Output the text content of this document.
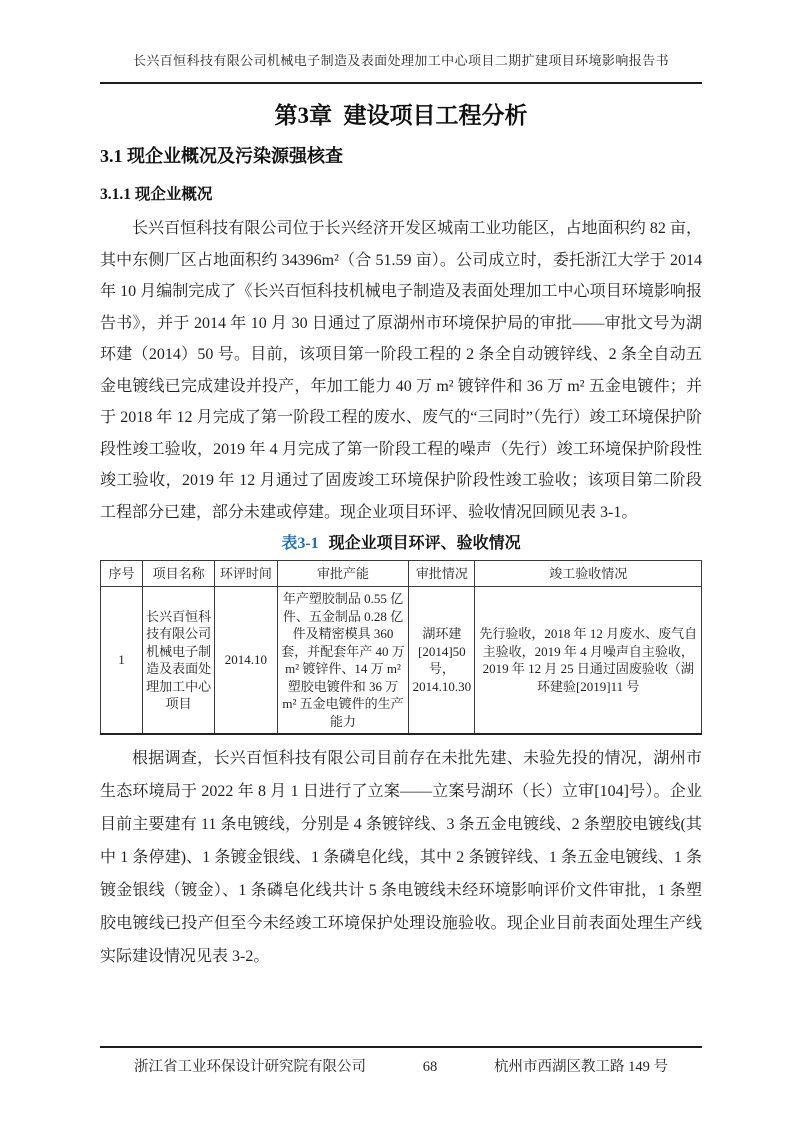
长兴百恒科技有限公司机械电子制造及表面处理加工中心项目二期扩建项目环境影响报告书
第3章  建设项目工程分析
3.1 现企业概况及污染源强核查
3.1.1 现企业概况

长兴百恒科技有限公司位于长兴经济开发区城南工业功能区，占地面积约 82 亩，其中东侧厂区占地面积约 34396m²（合 51.59 亩）。公司成立时，委托浙江大学于 2014 年 10 月编制完成了《长兴百恒科技机械电子制造及表面处理加工中心项目环境影响报告书》，并于 2014 年 10 月 30 日通过了原湖州市环境保护局的审批——审批文号为湖环建（2014）50 号。目前，该项目第一阶段工程的 2 条全自动镀锌线、2 条全自动五金电镀线已完成建设并投产，年加工能力 40 万 m² 镀锌件和 36 万 m² 五金电镀件；并于 2018 年 12 月完成了第一阶段工程的废水、废气的“三同时”（先行）竣工环境保护阶段性竣工验收，2019 年 4 月完成了第一阶段工程的噪声（先行）竣工环境保护阶段性竣工验收，2019 年 12 月通过了固废竣工环境保护阶段性竣工验收；该项目第二阶段工程部分已建，部分未建或停建。现企业项目环评、验收情况回顾见表 3-1。

表3-1 现企业项目环评、验收情况
序号	项目名称	环评时间	审批产能	审批情况	竣工验收情况
1	长兴百恒科技有限公司机械电子制造及表面处理加工中心项目	2014.10	年产塑胶制品 0.55 亿件、五金制品 0.28 亿件及精密模具 360 套，并配套年产 40 万 m² 镀锌件、14 万 m² 塑胶电镀件和 36 万 m² 五金电镀件的生产能力	湖环建[2014]50 号，2014.10.30	先行验收，2018 年 12 月废水、废气自主验收，2019 年 4 月噪声自主验收，2019 年 12 月 25 日通过固废验收（湖环建验[2019]11 号

根据调查，长兴百恒科技有限公司目前存在未批先建、未验先投的情况，湖州市生态环境局于 2022 年 8 月 1 日进行了立案——立案号湖环（长）立审[104]号）。企业目前主要建有 11 条电镀线，分别是 4 条镀锌线、3 条五金电镀线、2 条塑胶电镀线(其中 1 条停建)、1 条镀金银线、1 条磷皂化线，其中 2 条镀锌线、1 条五金电镀线、1 条镀金银线（镀金）、1 条磷皂化线共计 5 条电镀线未经环境影响评价文件审批，1 条塑胶电镀线已投产但至今未经竣工环境保护处理设施验收。现企业目前表面处理生产线实际建设情况见表 3-2。

浙江省工业环保设计研究院有限公司	68	杭州市西湖区教工路 149 号
